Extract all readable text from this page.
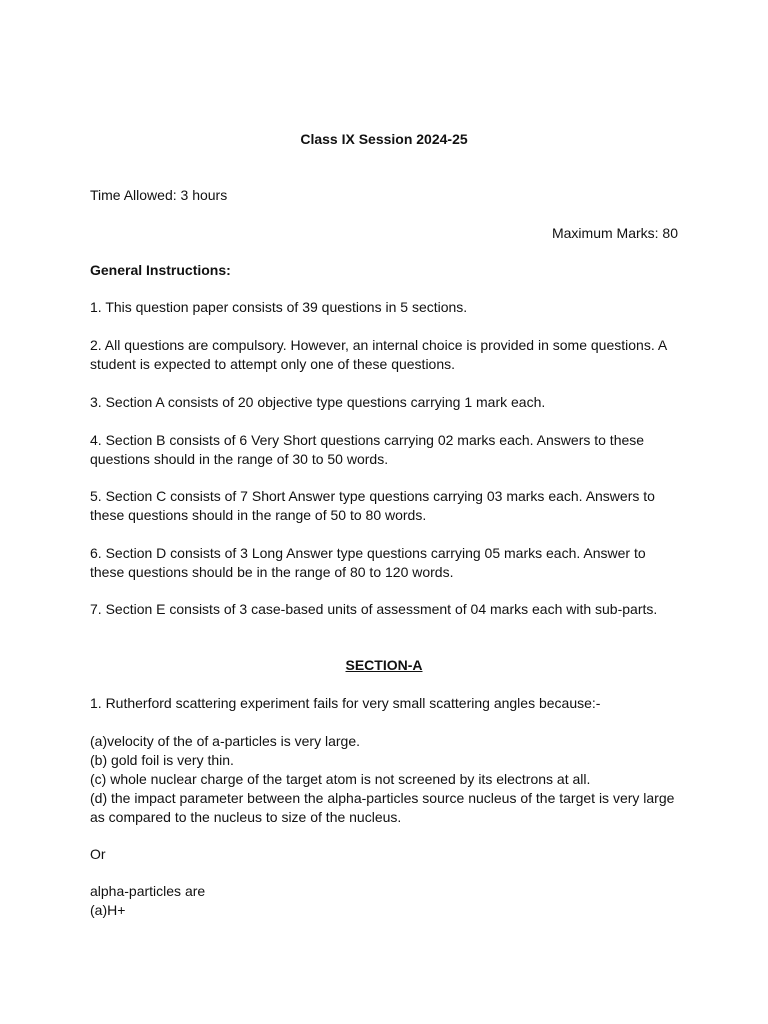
Class IX Session 2024-25
Time Allowed: 3 hours
Maximum Marks: 80
General Instructions:
1. This question paper consists of 39 questions in 5 sections.
2. All questions are compulsory. However, an internal choice is provided in some questions. A student is expected to attempt only one of these questions.
3. Section A consists of 20 objective type questions carrying 1 mark each.
4. Section B consists of 6 Very Short questions carrying 02 marks each. Answers to these questions should in the range of 30 to 50 words.
5. Section C consists of 7 Short Answer type questions carrying 03 marks each. Answers to these questions should in the range of 50 to 80 words.
6. Section D consists of 3 Long Answer type questions carrying 05 marks each. Answer to these questions should be in the range of 80 to 120 words.
7. Section E consists of 3 case-based units of assessment of 04 marks each with sub-parts.
SECTION-A
1. Rutherford scattering experiment fails for very small scattering angles because:-
(a)velocity of the of a-particles is very large.
(b) gold foil is very thin.
(c) whole nuclear charge of the target atom is not screened by its electrons at all.
(d) the impact parameter between the alpha-particles source nucleus of the target is very large as compared to the nucleus to size of the nucleus.
Or
alpha-particles are
(a)H+
